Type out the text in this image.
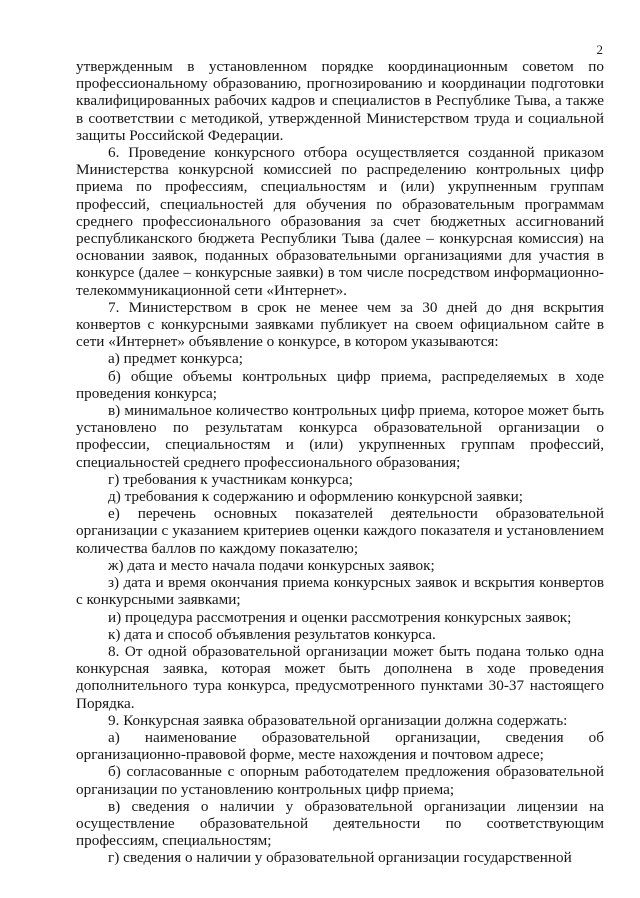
2

утвержденным в установленном порядке координационным советом по профессиональному образованию, прогнозированию и координации подготовки квалифицированных рабочих кадров и специалистов в Республике Тыва, а также в соответствии с методикой, утвержденной Министерством труда и социальной защиты Российской Федерации.

6. Проведение конкурсного отбора осуществляется созданной приказом Министерства конкурсной комиссией по распределению контрольных цифр приема по профессиям, специальностям и (или) укрупненным группам профессий, специальностей для обучения по образовательным программам среднего профессионального образования за счет бюджетных ассигнований республиканского бюджета Республики Тыва (далее – конкурсная комиссия) на основании заявок, поданных образовательными организациями для участия в конкурсе (далее – конкурсные заявки) в том числе посредством информационно-телекоммуникационной сети «Интернет».

7. Министерством в срок не менее чем за 30 дней до дня вскрытия конвертов с конкурсными заявками публикует на своем официальном сайте в сети «Интернет» объявление о конкурсе, в котором указываются:

а) предмет конкурса;

б) общие объемы контрольных цифр приема, распределяемых в ходе проведения конкурса;

в) минимальное количество контрольных цифр приема, которое может быть установлено по результатам конкурса образовательной организации о профессии, специальностям и (или) укрупненных группам профессий, специальностей среднего профессионального образования;

г) требования к участникам конкурса;

д) требования к содержанию и оформлению конкурсной заявки;

е) перечень основных показателей деятельности образовательной организации с указанием критериев оценки каждого показателя и установлением количества баллов по каждому показателю;

ж) дата и место начала подачи конкурсных заявок;

з) дата и время окончания приема конкурсных заявок и вскрытия конвертов с конкурсными заявками;

и) процедура рассмотрения и оценки рассмотрения конкурсных заявок;

к) дата и способ объявления результатов конкурса.

8. От одной образовательной организации может быть подана только одна конкурсная заявка, которая может быть дополнена в ходе проведения дополнительного тура конкурса, предусмотренного пунктами 30-37 настоящего Порядка.

9. Конкурсная заявка образовательной организации должна содержать:

а) наименование образовательной организации, сведения об организационно-правовой форме, месте нахождения и почтовом адресе;

б) согласованные с опорным работодателем предложения образовательной организации по установлению контрольных цифр приема;

в) сведения о наличии у образовательной организации лицензии на осуществление образовательной деятельности по соответствующим профессиям, специальностям;

г) сведения о наличии у образовательной организации государственной
